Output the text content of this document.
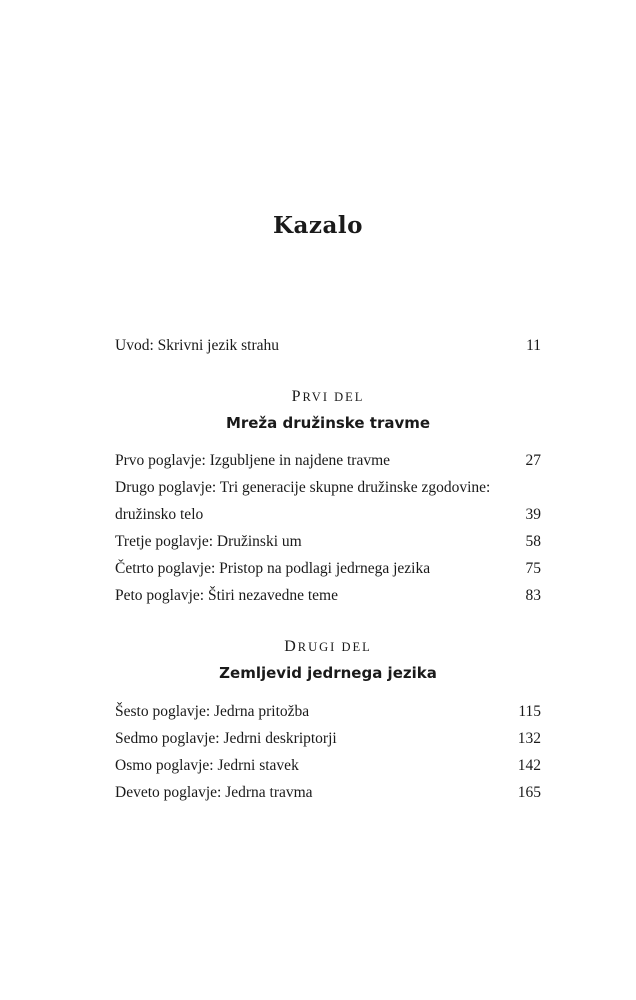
Kazalo
Uvod: Skrivni jezik strahu	11
PRVI DEL
Mreža družinske travme
Prvo poglavje: Izgubljene in najdene travme	27
Drugo poglavje: Tri generacije skupne družinske zgodovine:
družinsko telo	39
Tretje poglavje: Družinski um	58
Četrto poglavje: Pristop na podlagi jedrnega jezika	75
Peto poglavje: Štiri nezavedne teme	83
DRUGI DEL
Zemljevid jedrnega jezika
Šesto poglavje: Jedrna pritožba	115
Sedmo poglavje: Jedrni deskriptorji	132
Osmo poglavje: Jedrni stavek	142
Deveto poglavje: Jedrna travma	165
